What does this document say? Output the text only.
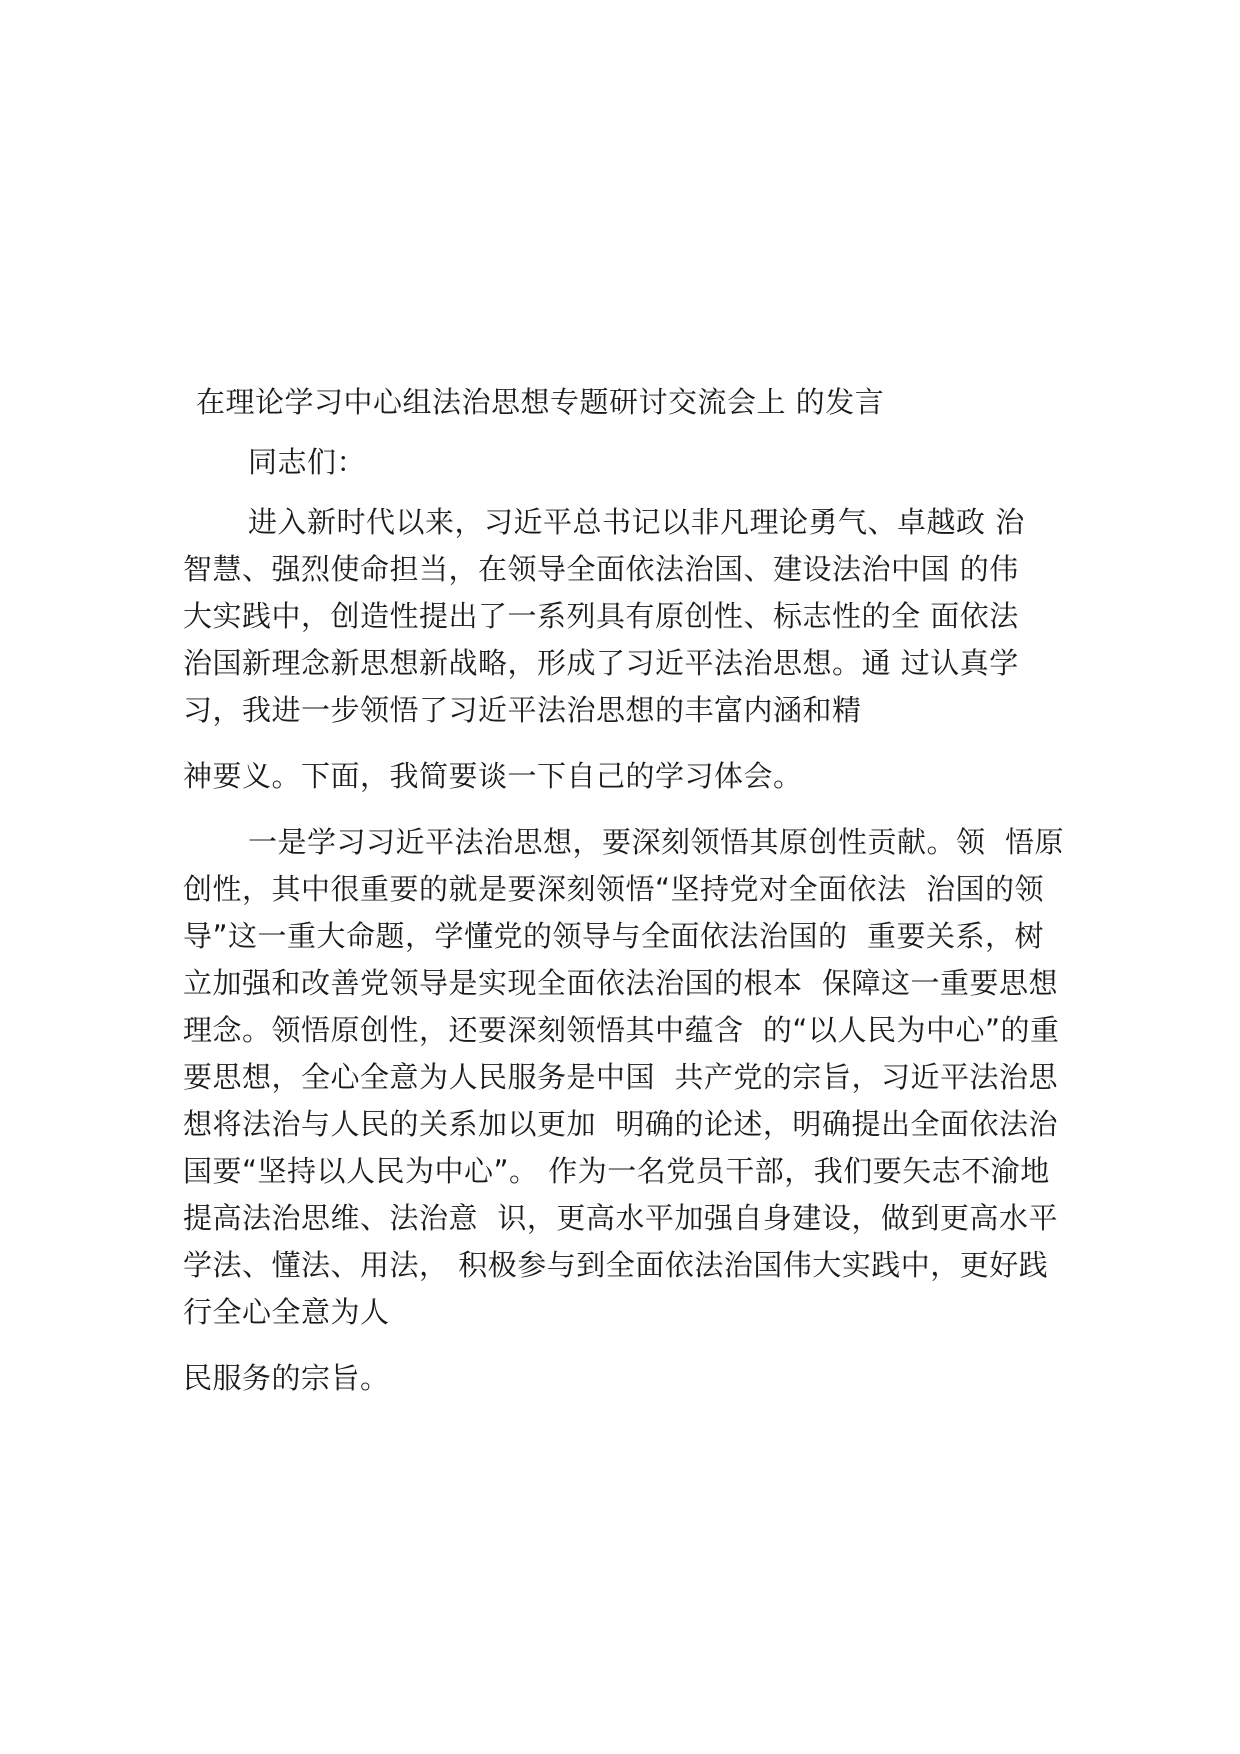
在理论学习中心组法治思想专题研讨交流会上 的发言
同志们：
进入新时代以来，习近平总书记以非凡理论勇气、卓越政 治
智慧、强烈使命担当，在领导全面依法治国、建设法治中国 的伟
大实践中，创造性提出了一系列具有原创性、标志性的全 面依法
治国新理念新思想新战略，形成了习近平法治思想。通 过认真学
习，我进一步领悟了习近平法治思想的丰富内涵和精
神要义。下面，我简要谈一下自己的学习体会。
一是学习习近平法治思想，要深刻领悟其原创性贡献。领  悟原
创性，其中很重要的就是要深刻领悟“坚持党对全面依法  治国的领
导”这一重大命题，学懂党的领导与全面依法治国的  重要关系，树
立加强和改善党领导是实现全面依法治国的根本  保障这一重要思想
理念。领悟原创性，还要深刻领悟其中蕴含  的“以人民为中心”的重
要思想，全心全意为人民服务是中国  共产党的宗旨，习近平法治思
想将法治与人民的关系加以更加  明确的论述，明确提出全面依法治
国要“坚持以人民为中心”。 作为一名党员干部，我们要矢志不渝地
提高法治思维、法治意  识，更高水平加强自身建设，做到更高水平
学法、懂法、用法， 积极参与到全面依法治国伟大实践中，更好践
行全心全意为人
民服务的宗旨。
